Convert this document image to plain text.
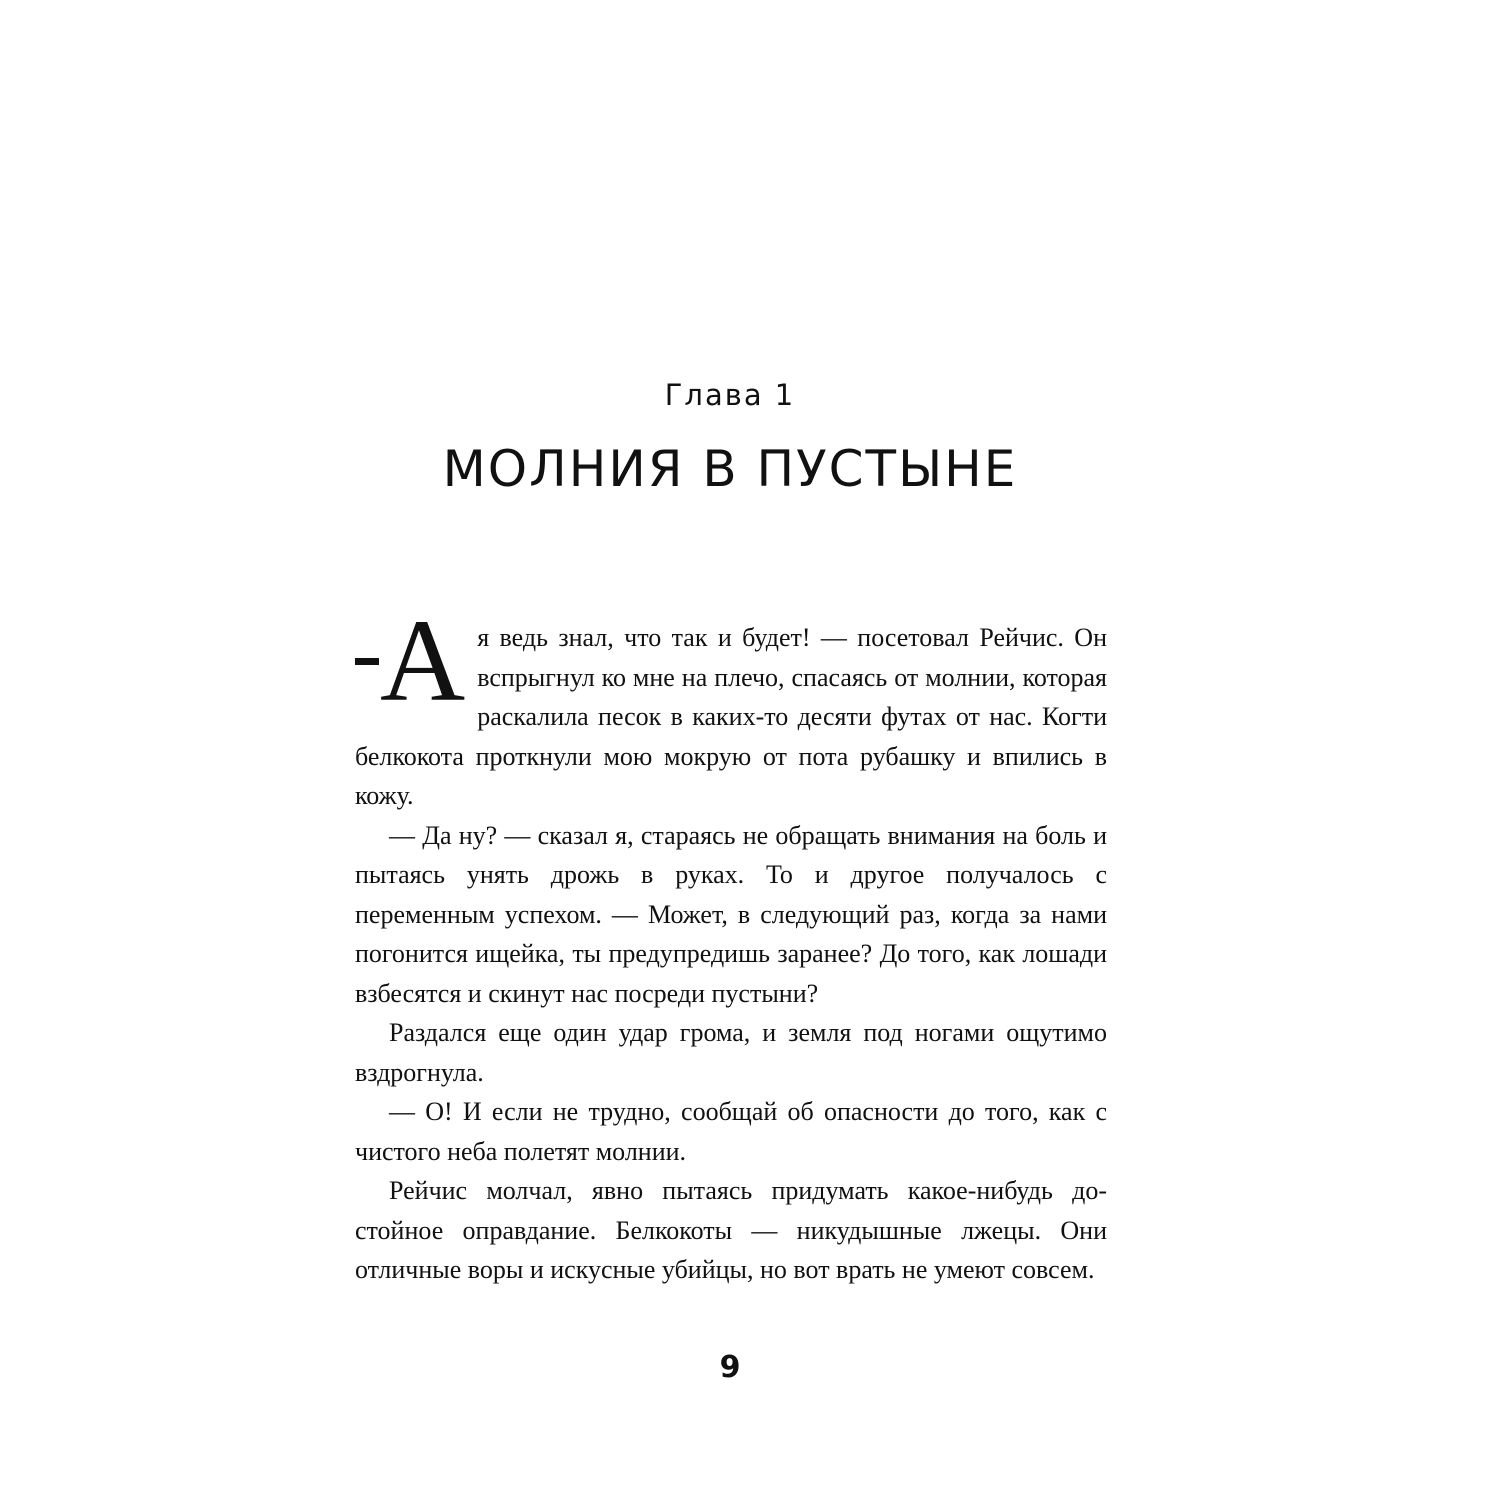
Глава 1
МОЛНИЯ В ПУСТЫНЕ

А я ведь знал, что так и будет! — посетовал Рейчис. Он вспрыгнул ко мне на плечо, спасаясь от молнии, которая раскалила песок в каких-то десяти футах от нас. Когти белкокота проткнули мою мокрую от пота рубашку и впились в кожу.

— Да ну? — сказал я, стараясь не обращать внимания на боль и пытаясь унять дрожь в руках. То и другое получалось с переменным успехом. — Может, в следующий раз, когда за нами погонится ищейка, ты предупредишь заранее? До того, как лошади взбесятся и скинут нас посреди пустыни?

Раздался еще один удар грома, и земля под ногами ощутимо вздрогнула.

— О! И если не трудно, сообщай об опасности до того, как с чистого неба полетят молнии.

Рейчис молчал, явно пытаясь придумать какое-нибудь достойное оправдание. Белкокоты — никудышные лжецы. Они отличные воры и искусные убийцы, но вот врать не умеют совсем.

9
